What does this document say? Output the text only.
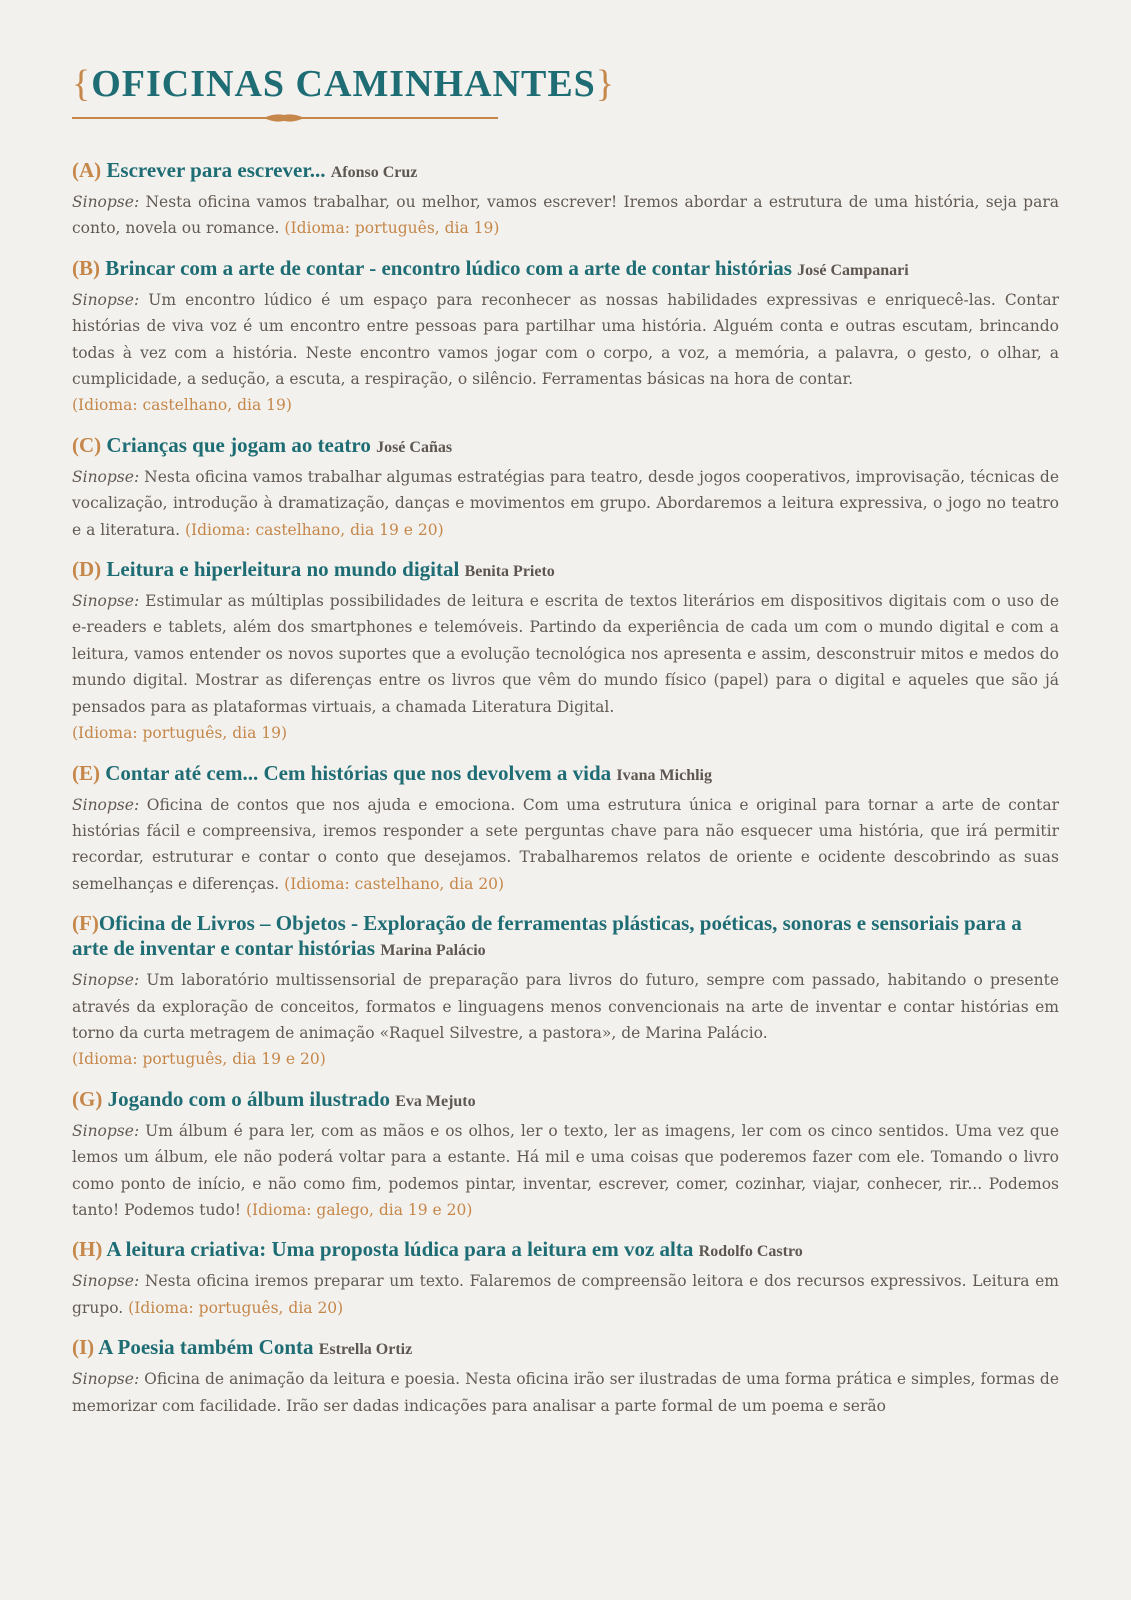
{OFICINAS CAMINHANTES}
(A) Escrever para escrever... Afonso Cruz
Sinopse: Nesta oficina vamos trabalhar, ou melhor, vamos escrever! Iremos abordar a estrutura de uma história, seja para conto, novela ou romance. (Idioma: português, dia 19)
(B) Brincar com a arte de contar - encontro lúdico com a arte de contar histórias José Campanari
Sinopse: Um encontro lúdico é um espaço para reconhecer as nossas habilidades expressivas e enriquecê-las. Contar histórias de viva voz é um encontro entre pessoas para partilhar uma história. Alguém conta e outras escutam, brincando todas à vez com a história. Neste encontro vamos jogar com o corpo, a voz, a memória, a palavra, o gesto, o olhar, a cumplicidade, a sedução, a escuta, a respiração, o silêncio. Ferramentas básicas na hora de contar.
(Idioma: castelhano, dia 19)
(C) Crianças que jogam ao teatro José Cañas
Sinopse: Nesta oficina vamos trabalhar algumas estratégias para teatro, desde jogos cooperativos, improvisação, técnicas de vocalização, introdução à dramatização, danças e movimentos em grupo. Abordaremos a leitura expressiva, o jogo no teatro e a literatura. (Idioma: castelhano, dia 19 e 20)
(D) Leitura e hiperleitura no mundo digital Benita Prieto
Sinopse: Estimular as múltiplas possibilidades de leitura e escrita de textos literários em dispositivos digitais com o uso de e-readers e tablets, além dos smartphones e telemóveis. Partindo da experiência de cada um com o mundo digital e com a leitura, vamos entender os novos suportes que a evolução tecnológica nos apresenta e assim, desconstruir mitos e medos do mundo digital. Mostrar as diferenças entre os livros que vêm do mundo físico (papel) para o digital e aqueles que são já pensados para as plataformas virtuais, a chamada Literatura Digital.
(Idioma: português, dia 19)
(E) Contar até cem... Cem histórias que nos devolvem a vida Ivana Michlig
Sinopse: Oficina de contos que nos ajuda e emociona. Com uma estrutura única e original para tornar a arte de contar histórias fácil e compreensiva, iremos responder a sete perguntas chave para não esquecer uma história, que irá permitir recordar, estruturar e contar o conto que desejamos. Trabalharemos relatos de oriente e ocidente descobrindo as suas semelhanças e diferenças. (Idioma: castelhano, dia 20)
(F)Oficina de Livros – Objetos - Exploração de ferramentas plásticas, poéticas, sonoras e sensoriais para a arte de inventar e contar histórias Marina Palácio
Sinopse: Um laboratório multissensorial de preparação para livros do futuro, sempre com passado, habitando o presente através da exploração de conceitos, formatos e linguagens menos convencionais na arte de inventar e contar histórias em torno da curta metragem de animação «Raquel Silvestre, a pastora», de Marina Palácio.
(Idioma: português, dia 19 e 20)
(G) Jogando com o álbum ilustrado Eva Mejuto
Sinopse: Um álbum é para ler, com as mãos e os olhos, ler o texto, ler as imagens, ler com os cinco sentidos. Uma vez que lemos um álbum, ele não poderá voltar para a estante. Há mil e uma coisas que poderemos fazer com ele. Tomando o livro como ponto de início, e não como fim, podemos pintar, inventar, escrever, comer, cozinhar, viajar, conhecer, rir... Podemos tanto! Podemos tudo! (Idioma: galego, dia 19 e 20)
(H) A leitura criativa: Uma proposta lúdica para a leitura em voz alta Rodolfo Castro
Sinopse: Nesta oficina iremos preparar um texto. Falaremos de compreensão leitora e dos recursos expressivos. Leitura em grupo. (Idioma: português, dia 20)
(I) A Poesia também Conta Estrella Ortiz
Sinopse: Oficina de animação da leitura e poesia. Nesta oficina irão ser ilustradas de uma forma prática e simples, formas de memorizar com facilidade. Irão ser dadas indicações para analisar a parte formal de um poema e serão
